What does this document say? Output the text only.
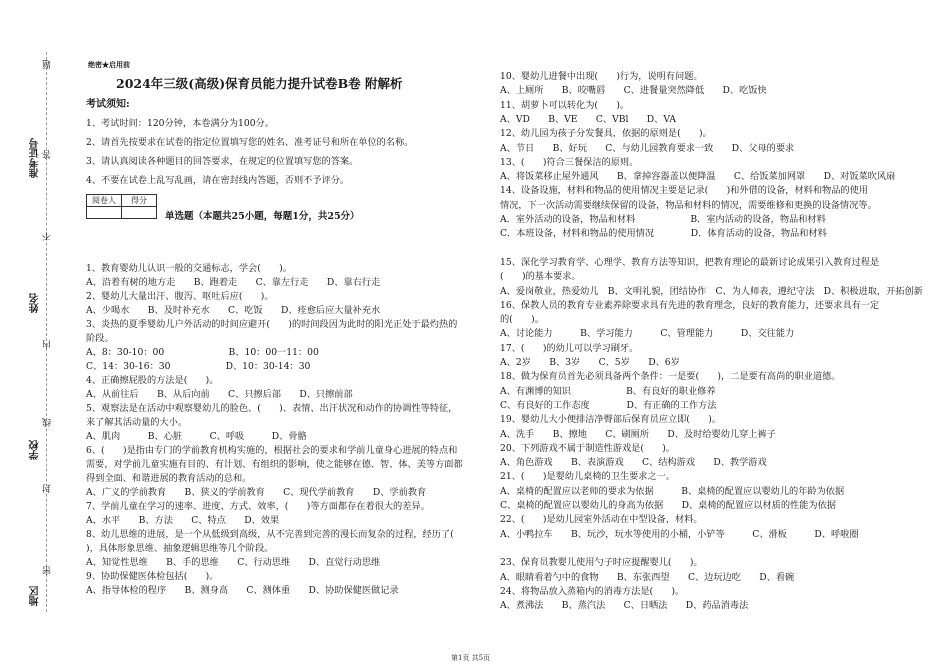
准考证号
姓名
学校
地区
题
答
不
内
线
封
密
绝密★启用前
2024年三级(高级)保育员能力提升试卷B卷 附解析
考试须知:
1、考试时间：120分钟，本卷满分为100分。
2、请首先按要求在试卷的指定位置填写您的姓名、准考证号和所在单位的名称。
3、请认真阅读各种题目的回答要求，在规定的位置填写您的答案。
4、不要在试卷上乱写乱画，请在密封线内答题，否则不予评分。
阅卷人	得分

单选题（本题共25小题，每题1分，共25分）
1、教育婴幼儿认识一般的交通标志，学会(　　)。
A、沿着有树的地方走　　B、跑着走　　C、靠左行走　　D、靠右行走
2、婴幼儿大量出汗、腹泻、呕吐后应(　　)。
A、少喝水　　B、及时补充水　　C、吃饭　　D、痊愈后应大量补充水
3、炎热的夏季婴幼儿户外活动的时间应避开(　　)的时间段因为此时的阳光正处于最灼热的
阶段。
A、8：30-10：00　　　　　　　B、10：00一11：00
C、14：30-16：30　　　　　　D、10：30-14：30
4、正确擦屁股的方法是(　　)。
A、从前往后　　B、从后向前　　C、只擦后部　　D、只擦前部
5、观察法是在活动中观察婴幼儿的脸色、(　　)、表情、出汗状况和动作的协调性等特征，
来了解其活动量的大小。
A、肌肉　　　B、心脏　　　C、呼吸　　　D、骨骼
6、(　　)是指由专门的学前教育机构实施的，根据社会的要求和学前儿童身心进展的特点和
需要，对学前儿童实施有目的、有计划、有组织的影响，使之能够在德、智、体、美等方面都
得到全面、和谐进展的教育活动的总和。
A、广义的学前教育　　B、狭义的学前教育　　C、现代学前教育　　D、学前教育
7、学前儿童在学习的速率、进度、方式、效率，(　　)等方面都存在着很大的差异。
A、水平　　B、方法　　C、特点　　D、效果
8、幼儿思维的进展，是一个从低级到高级，从不完善到完善的漫长而复杂的过程，经历了(
)，具体形象思维、抽象逻辑思维等几个阶段。
A、知觉性思维　　B、手的思维　　C、行动思维　　D、直觉行动思维
9、协助保健医体检包括(　　)。
A、指导体检的程序　　B、测身高　　C、测体重　　D、协助保健医做记录
10、婴幼儿进餐中出现(　　)行为，说明有问题。
A、上厕所　　B、咬嘴唇　　C、进餐量突然降低　　D、吃饭快
11、胡萝卜可以转化为(　　)。
A、VD　　B、VE　　C、VBl　　D、VA
12、幼儿园为孩子分发餐具，依据的原则是(　　)。
A、节日　　B、好玩　　C、与幼儿园教育要求一致　　D、父母的要求
13、(　　)符合三餐保洁的原则。
A、将饭菜移止屋外通风　　B、拿掉容器盖以便降温　　C、给饭菜加网罩　　D、对饭菜吹风扇
14、设备设施，材料和物品的使用情况主要是记录(　　)和外借的设备，材料和物品的使用
情况，下一次活动需要继续保留的设备，物品和材料的情况，需要维修和更换的设备情况等。
A．室外活动的设备，物品和材料　　　　　　B．室内活动的设备，物品和材料
C．本班设备，材料和物品的使用情况　　　　D．体育活动的设备，物品和材料
15、深化学习教育学、心理学、教育方法等知识，把教育理论的最新讨论成果引入教育过程是
(　　)的基本要求。
A、爱岗敬业，热爱幼儿　B、文明礼貌，团结协作　C、为人师表，遵纪守法　D、积极进取，开拓创新
16、保教人员的教育专业素养除要求具有先进的教育理念，良好的教育能力，还要求具有一定
的(　　)。
A、讨论能力　　　B、学习能力　　　C、管理能力　　　D、交往能力
17、(　　)的幼儿可以学习刷牙。
A、2岁　　B、3岁　　C、5岁　　D、6岁
18、做为保育员首先必须具备两个条件：一是要(　　)，二是要有高尚的职业道德。
A、有渊博的知识　　　　　　B、有良好的职业修养
C、有良好的工作态度　　　　D、有正确的工作方法
19、婴幼儿大小便排洁净臀部后保育员应立即(　　)。
A、洗手　　B、擦地　　C、刷厕所　　D、及时给婴幼儿穿上裤子
20、下列游戏不属于制造性游戏是(　　)。
A、角色游戏　　B、表演游戏　　C、结构游戏　　D、教学游戏
21、(　　)是婴幼儿桌椅的卫生要求之一。
A、桌椅的配置应以老师的要求为依据　　　B、桌椅的配置应以婴幼儿的年龄为依据
C、桌椅的配置应以婴幼儿的身高为依据　　D、桌椅的配置应以材质的性能为依据
22、(　　)是幼儿园室外活动在中型设备，材料。
A、小鸭拉车　　B、玩沙，玩水等使用的小桶，小铲等　　　C、滑板　　　D、呼啦圈
23、保育员教婴儿使用勺子时应提醒婴儿(　　)。
A、眼睛看着勺中的食物　　B、东张西望　　C、边玩边吃　　D、看碗
24、将物品放入蒸箱内的消毒方法是(　　)。
A、煮沸法　　B、蒸汽法　　C、日晒法　　D、药品消毒法
第1页 共5页
